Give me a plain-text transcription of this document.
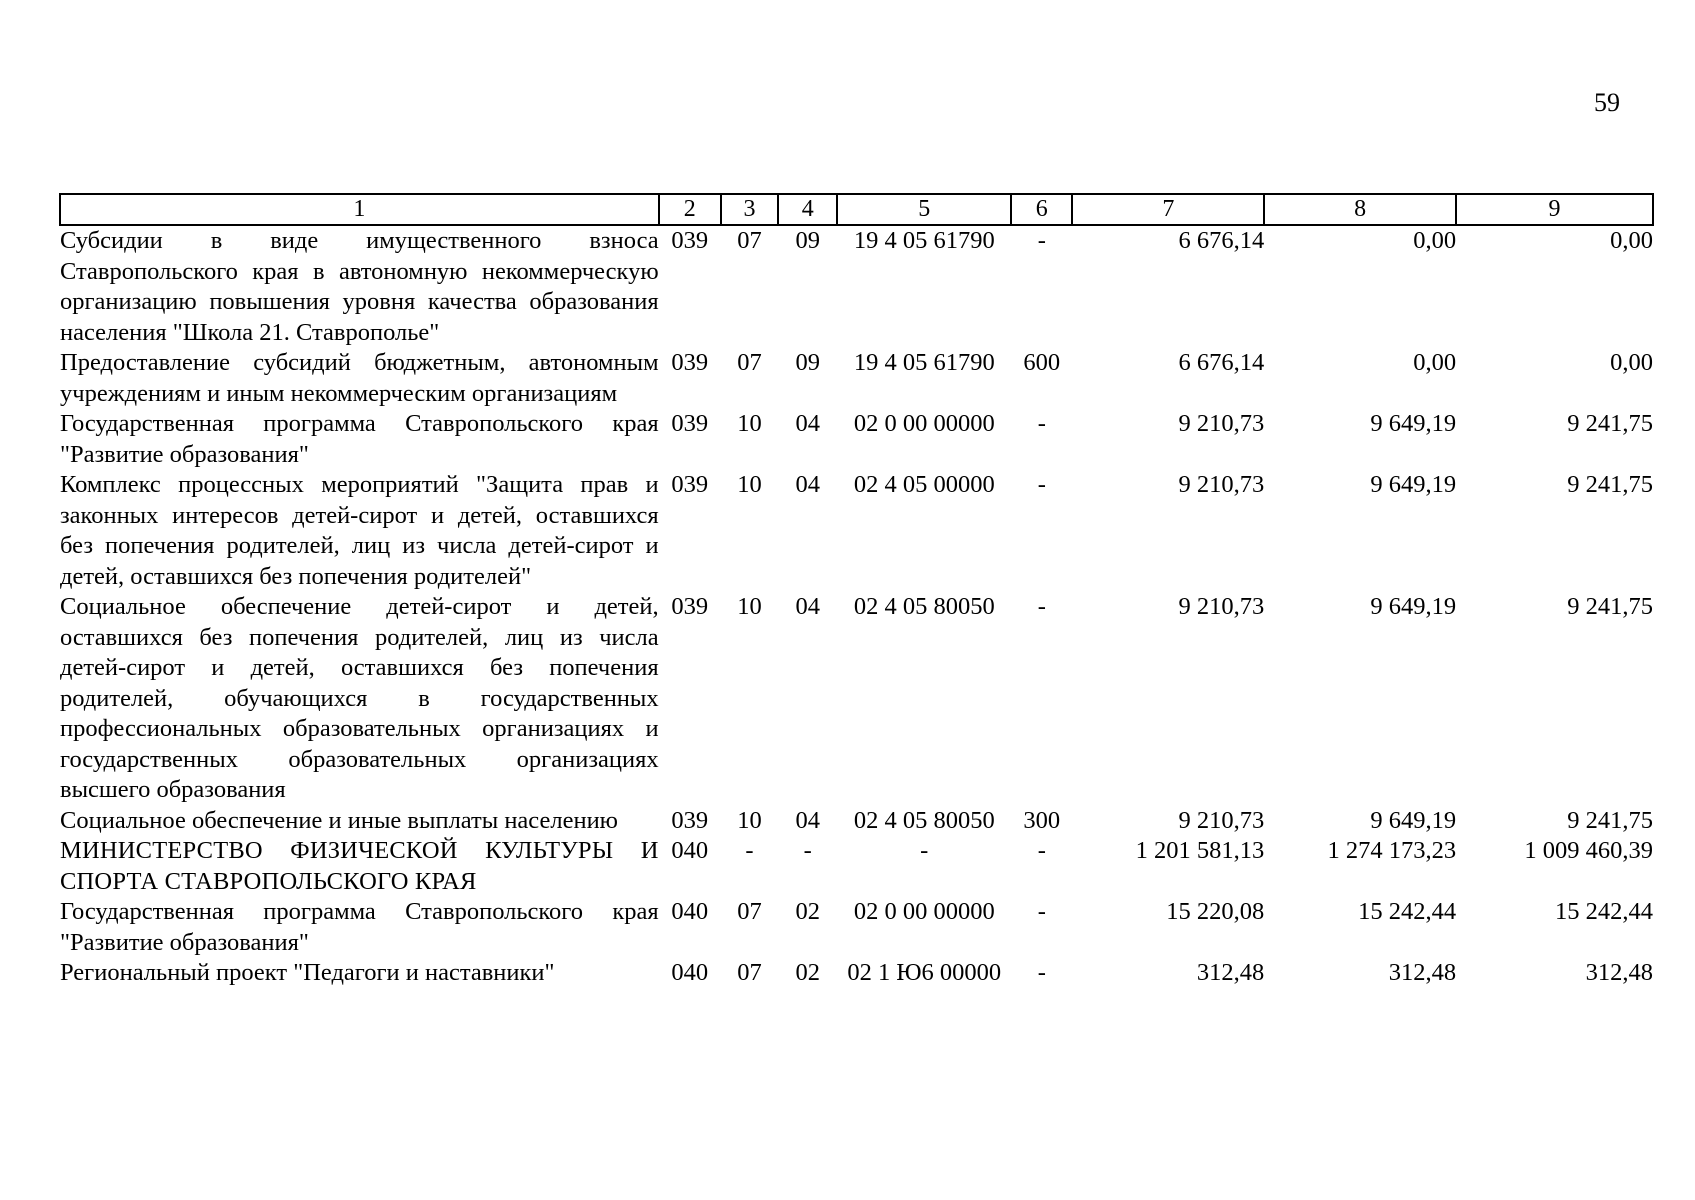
59
1	2	3	4	5	6	7	8	9
Субсидии в виде имущественного взноса Ставропольского края в автономную некоммерческую организацию повышения уровня качества образования населения "Школа 21. Ставрополье"	039	07	09	19 4 05 61790	-	6 676,14	0,00	0,00
Предоставление субсидий бюджетным, автономным учреждениям и иным некоммерческим организациям	039	07	09	19 4 05 61790	600	6 676,14	0,00	0,00
Государственная программа Ставропольского края "Развитие образования"	039	10	04	02 0 00 00000	-	9 210,73	9 649,19	9 241,75
Комплекс процессных мероприятий "Защита прав и законных интересов детей-сирот и детей, оставшихся без попечения родителей, лиц из числа детей-сирот и детей, оставшихся без попечения родителей"	039	10	04	02 4 05 00000	-	9 210,73	9 649,19	9 241,75
Социальное обеспечение детей-сирот и детей, оставшихся без попечения родителей, лиц из числа детей-сирот и детей, оставшихся без попечения родителей, обучающихся в государственных профессиональных образовательных организациях и государственных образовательных организациях высшего образования	039	10	04	02 4 05 80050	-	9 210,73	9 649,19	9 241,75
Социальное обеспечение и иные выплаты населению	039	10	04	02 4 05 80050	300	9 210,73	9 649,19	9 241,75
МИНИСТЕРСТВО ФИЗИЧЕСКОЙ КУЛЬТУРЫ И СПОРТА СТАВРОПОЛЬСКОГО КРАЯ	040	-	-	-	-	1 201 581,13	1 274 173,23	1 009 460,39
Государственная программа Ставропольского края "Развитие образования"	040	07	02	02 0 00 00000	-	15 220,08	15 242,44	15 242,44
Региональный проект "Педагоги и наставники"	040	07	02	02 1 Ю6 00000	-	312,48	312,48	312,48
